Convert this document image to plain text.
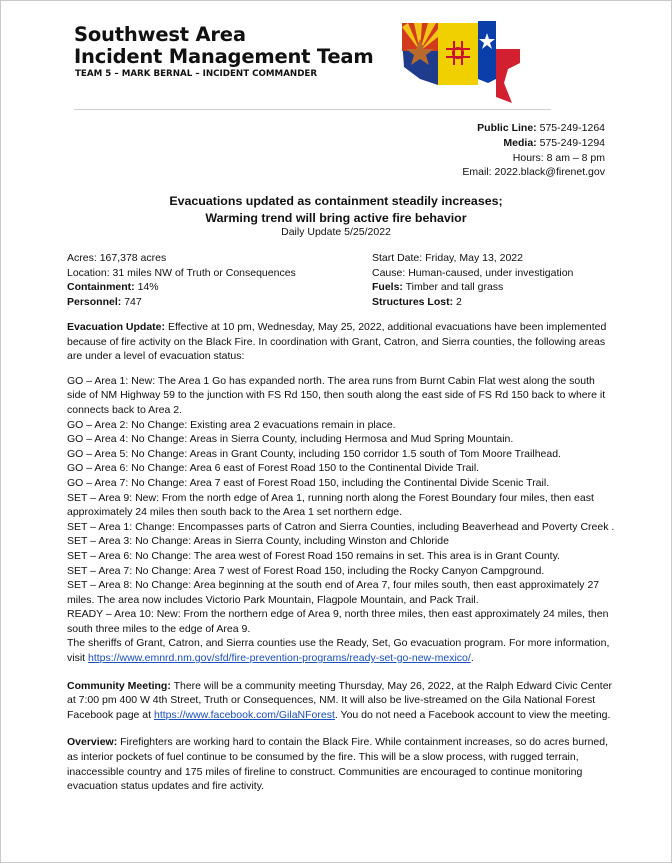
Southwest Area
Incident Management Team
TEAM 5 – MARK BERNAL – INCIDENT COMMANDER
Public Line: 575-249-1264
Media: 575-249-1294
Hours: 8 am – 8 pm
Email: 2022.black@firenet.gov
Evacuations updated as containment steadily increases;
Warming trend will bring active fire behavior
Daily Update 5/25/2022
Acres: 167,378 acres
Location: 31 miles NW of Truth or Consequences
Containment: 14%
Personnel: 747
Start Date: Friday, May 13, 2022
Cause: Human-caused, under investigation
Fuels: Timber and tall grass
Structures Lost: 2

Evacuation Update: Effective at 10 pm, Wednesday, May 25, 2022, additional evacuations have been implemented because of fire activity on the Black Fire. In coordination with Grant, Catron, and Sierra counties, the following areas are under a level of evacuation status:

GO – Area 1: New: The Area 1 Go has expanded north. The area runs from Burnt Cabin Flat west along the south side of NM Highway 59 to the junction with FS Rd 150, then south along the east side of FS Rd 150 back to where it connects back to Area 2.

GO – Area 2: No Change: Existing area 2 evacuations remain in place.

GO – Area 4: No Change: Areas in Sierra County, including Hermosa and Mud Spring Mountain.

GO – Area 5: No Change: Areas in Grant County, including 150 corridor 1.5 south of Tom Moore Trailhead.

GO – Area 6: No Change: Area 6 east of Forest Road 150 to the Continental Divide Trail.

GO – Area 7: No Change: Area 7 east of Forest Road 150, including the Continental Divide Scenic Trail.

SET – Area 9: New: From the north edge of Area 1, running north along the Forest Boundary four miles, then east approximately 24 miles then south back to the Area 1 set northern edge.

SET – Area 1: Change: Encompasses parts of Catron and Sierra Counties, including Beaverhead and Poverty Creek .

SET – Area 3: No Change: Areas in Sierra County, including Winston and Chloride

SET – Area 6: No Change: The area west of Forest Road 150 remains in set. This area is in Grant County.

SET – Area 7: No Change: Area 7 west of Forest Road 150, including the Rocky Canyon Campground.

SET – Area 8: No Change: Area beginning at the south end of Area 7, four miles south, then east approximately 27 miles. The area now includes Victorio Park Mountain, Flagpole Mountain, and Pack Trail.

READY – Area 10: New: From the northern edge of Area 9, north three miles, then east approximately 24 miles, then south three miles to the edge of Area 9.

The sheriffs of Grant, Catron, and Sierra counties use the Ready, Set, Go evacuation program. For more information, visit https://www.emnrd.nm.gov/sfd/fire-prevention-programs/ready-set-go-new-mexico/.

Community Meeting: There will be a community meeting Thursday, May 26, 2022, at the Ralph Edward Civic Center at 7:00 pm 400 W 4th Street, Truth or Consequences, NM. It will also be live-streamed on the Gila National Forest Facebook page at https://www.facebook.com/GilaNForest. You do not need a Facebook account to view the meeting.

Overview: Firefighters are working hard to contain the Black Fire. While containment increases, so do acres burned, as interior pockets of fuel continue to be consumed by the fire. This will be a slow process, with rugged terrain, inaccessible country and 175 miles of fireline to construct. Communities are encouraged to continue monitoring evacuation status updates and fire activity.
